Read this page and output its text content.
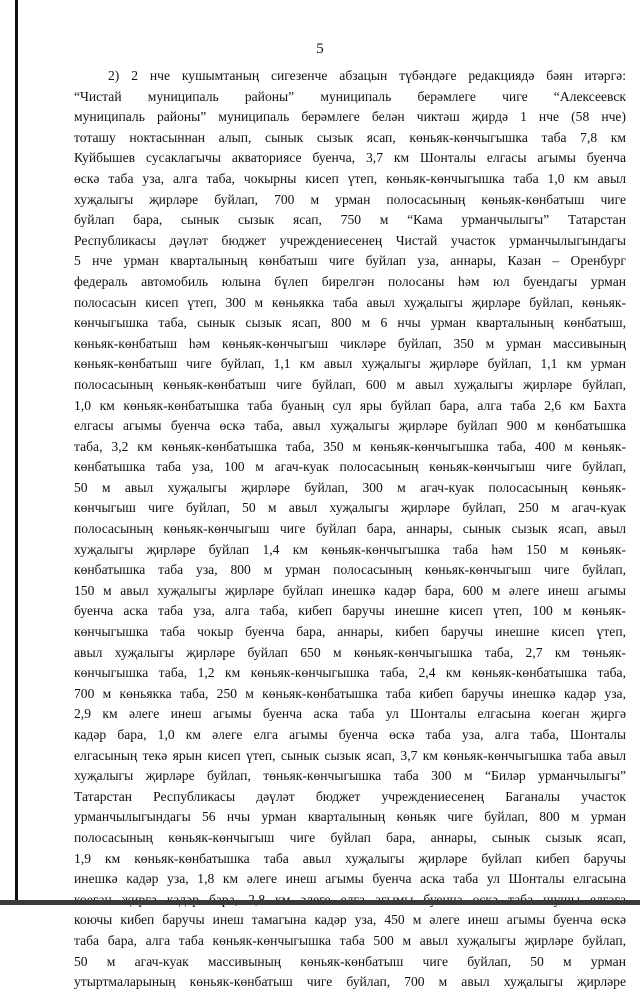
5
2) 2 нче кушымтаның сигезенче абзацын түбәндәге редакциядә бәян итәргә:
“Чистай муниципаль районы” муниципаль берәмлеге чиге “Алексеевск
муниципаль районы” муниципаль берәмлеге белән чиктәш җирдә 1 нче (58 нче)
тоташу ноктасыннан алып, сынык сызык ясап, көньяк-көнчыгышка таба 7,8 км
Куйбышев сусаклагычы акваториясе буенча, 3,7 км Шонталы елгасы агымы буенча
өскә таба уза, алга таба, чокырны кисеп үтеп, көньяк-көнчыгышка таба 1,0 км авыл
хуҗалыгы җирләре буйлап, 700 м урман полосасының көньяк-көнбатыш чиге
буйлап бара, сынык сызык ясап, 750 м “Кама урманчылыгы” Татарстан
Республикасы дәүләт бюджет учреждениесенең Чистай участок урманчылыгындагы
5 нче урман кварталының көнбатыш чиге буйлап уза, аннары, Казан – Оренбург
федераль автомобиль юлына бүлеп бирелгән полосаны һәм юл буендагы урман
полосасын кисеп үтеп, 300 м көньякка таба авыл хуҗалыгы җирләре буйлап, көньяк-
көнчыгышка таба, сынык сызык ясап, 800 м 6 нчы урман кварталының көнбатыш,
көньяк-көнбатыш һәм көньяк-көнчыгыш чикләре буйлап, 350 м урман массивының
көньяк-көнбатыш чиге буйлап, 1,1 км авыл хуҗалыгы җирләре буйлап, 1,1 км урман
полосасының көньяк-көнбатыш чиге буйлап, 600 м авыл хуҗалыгы җирләре буйлап,
1,0 км көньяк-көнбатышка таба буаның сул яры буйлап бара, алга таба 2,6 км Бахта
елгасы агымы буенча өскә таба, авыл хуҗалыгы җирләре буйлап 900 м көнбатышка
таба, 3,2 км көньяк-көнбатышка таба, 350 м көньяк-көнчыгышка таба, 400 м көньяк-
көнбатышка таба уза, 100 м агач-куак полосасының көньяк-көнчыгыш чиге буйлап,
50 м авыл хуҗалыгы җирләре буйлап, 300 м агач-куак полосасының көньяк-
көнчыгыш чиге буйлап, 50 м авыл хуҗалыгы җирләре буйлап, 250 м агач-куак
полосасының көньяк-көнчыгыш чиге буйлап бара, аннары, сынык сызык ясап, авыл
хуҗалыгы җирләре буйлап 1,4 км көньяк-көнчыгышка таба һәм 150 м көньяк-
көнбатышка таба уза, 800 м урман полосасының көньяк-көнчыгыш чиге буйлап,
150 м авыл хуҗалыгы җирләре буйлап инешкә кадәр бара, 600 м әлеге инеш агымы
буенча аска таба уза, алга таба, кибеп баручы инешне кисеп үтеп, 100 м көньяк-
көнчыгышка таба чокыр буенча бара, аннары, кибеп баручы инешне кисеп үтеп,
авыл хуҗалыгы җирләре буйлап 650 м көньяк-көнчыгышка таба, 2,7 км төньяк-
көнчыгышка таба, 1,2 км көньяк-көнчыгышка таба, 2,4 км көньяк-көнбатышка таба,
700 м көньякка таба, 250 м көньяк-көнбатышка таба кибеп баручы инешкә кадәр уза,
2,9 км әлеге инеш агымы буенча аска таба ул Шонталы елгасына коеган җиргә
кадәр бара, 1,0 км әлеге елга агымы буенча өскә таба уза, алга таба, Шонталы
елгасының текә ярын кисеп үтеп, сынык сызык ясап, 3,7 км көньяк-көнчыгышка таба авыл
хуҗалыгы җирләре буйлап, төньяк-көнчыгышка таба 300 м “Биләр урманчылыгы”
Татарстан Республикасы дәүләт бюджет учреждениесенең Баганалы участок
урманчылыгындагы 56 нчы урман кварталының көньяк чиге буйлап, 800 м урман
полосасының көньяк-көнчыгыш чиге буйлап бара, аннары, сынык сызык ясап,
1,9 км көньяк-көнбатышка таба авыл хуҗалыгы җирләре буйлап кибеп баручы
инешкә кадәр уза, 1,8 км әлеге инеш агымы буенча аска таба ул Шонталы елгасына
коючы кибеп баручы инеш тамагына кадәр уза, 450 м әлеге инеш агымы буенча өскә
таба бара, алга таба көньяк-көнчыгышка таба 500 м авыл хуҗалыгы җирләре буйлап,
50 м агач-куак массивының көньяк-көнбатыш чиге буйлап, 50 м урман
утыртмаларының көньяк-көнбатыш чиге буйлап, 700 м авыл хуҗалыгы җирләре
